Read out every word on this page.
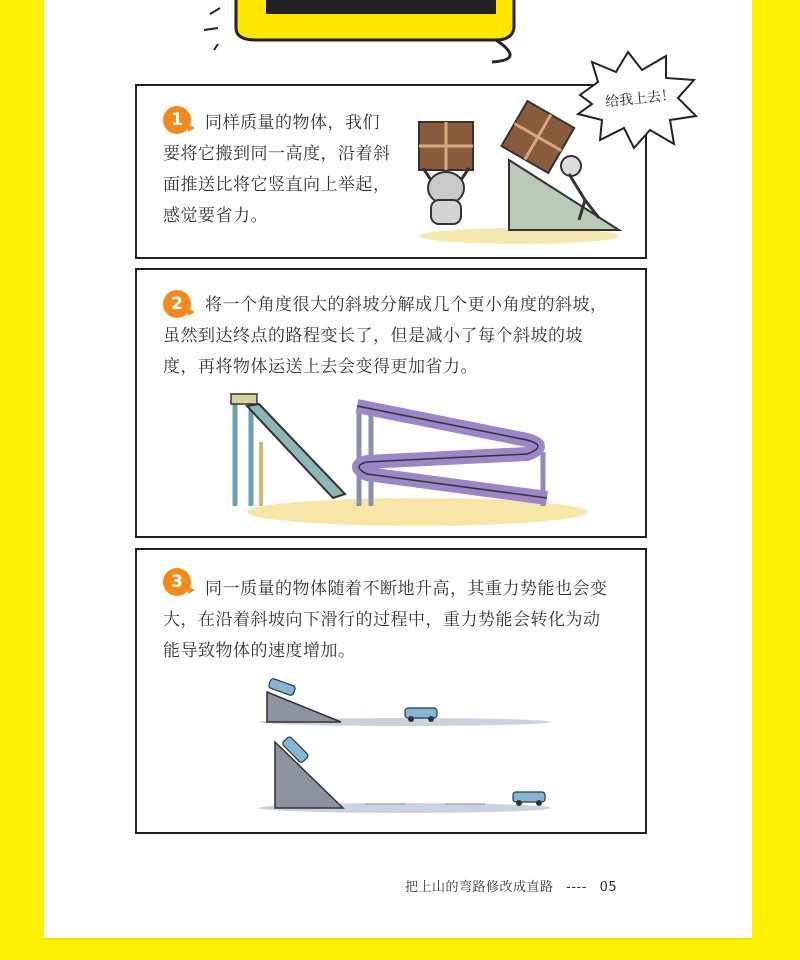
1	同样质量的物体，我们要将它搬到同一高度，沿着斜面推送比将它竖直向上举起，感觉要省力。
给我上去！
2	将一个角度很大的斜坡分解成几个更小角度的斜坡，虽然到达终点的路程变长了，但是减小了每个斜坡的坡度，再将物体运送上去会变得更加省力。
3	同一质量的物体随着不断地升高，其重力势能也会变大，在沿着斜坡向下滑行的过程中，重力势能会转化为动能导致物体的速度增加。
把上山的弯路修改成直路 ---- 05
